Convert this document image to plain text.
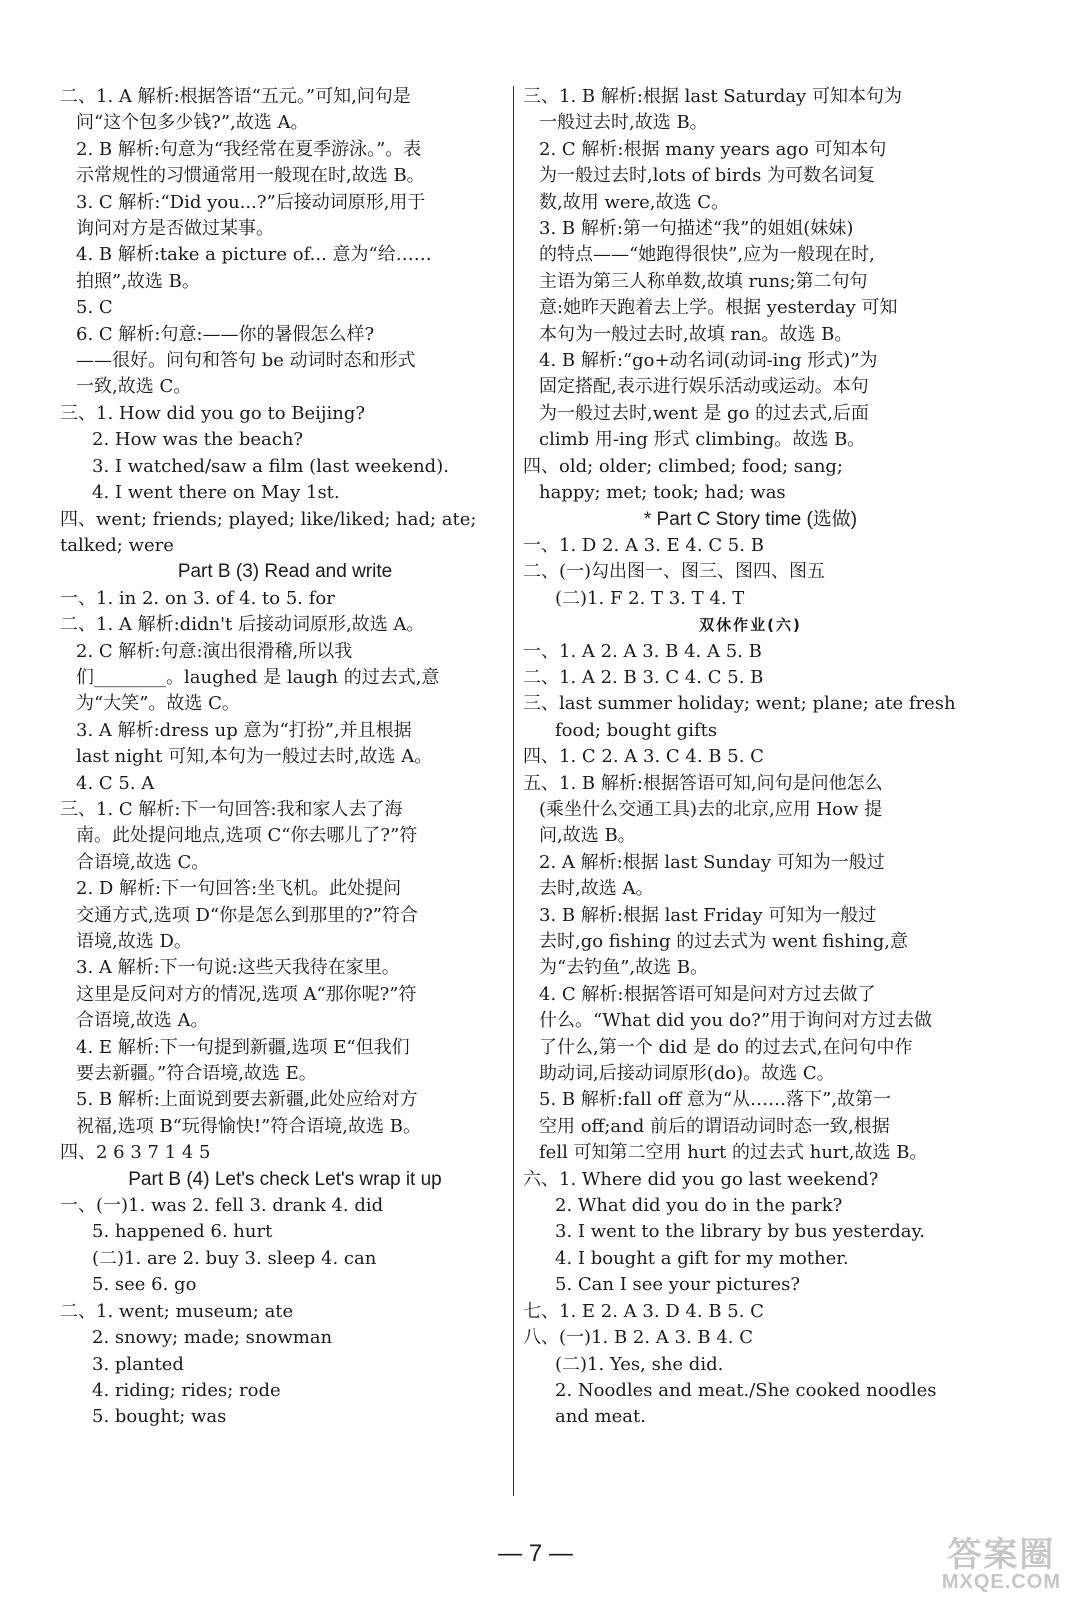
二、1. A 解析:根据答语“五元。”可知,问句是
问“这个包多少钱?”,故选 A。
2. B 解析:句意为“我经常在夏季游泳。”。表
示常规性的习惯通常用一般现在时,故选 B。
3. C 解析:“Did you...?”后接动词原形,用于
询问对方是否做过某事。
4. B 解析:take a picture of... 意为“给……
拍照”,故选 B。
5. C
6. C 解析:句意:——你的暑假怎么样?
——很好。问句和答句 be 动词时态和形式
一致,故选 C。
三、1. How did you go to Beijing?
2. How was the beach?
3. I watched/saw a film (last weekend).
4. I went there on May 1st.
四、went; friends; played; like/liked; had; ate;
talked; were
Part B (3) Read and write
一、1. in 2. on 3. of 4. to 5. for
二、1. A 解析:didn't 后接动词原形,故选 A。
2. C 解析:句意:演出很滑稽,所以我
们________。laughed 是 laugh 的过去式,意
为“大笑”。故选 C。
3. A 解析:dress up 意为“打扮”,并且根据
last night 可知,本句为一般过去时,故选 A。
4. C 5. A
三、1. C 解析:下一句回答:我和家人去了海
南。此处提问地点,选项 C“你去哪儿了?”符
合语境,故选 C。
2. D 解析:下一句回答:坐飞机。此处提问
交通方式,选项 D“你是怎么到那里的?”符合
语境,故选 D。
3. A 解析:下一句说:这些天我待在家里。
这里是反问对方的情况,选项 A“那你呢?”符
合语境,故选 A。
4. E 解析:下一句提到新疆,选项 E“但我们
要去新疆。”符合语境,故选 E。
5. B 解析:上面说到要去新疆,此处应给对方
祝福,选项 B“玩得愉快!”符合语境,故选 B。
四、2 6 3 7 1 4 5
Part B (4) Let's check Let's wrap it up
一、(一)1. was 2. fell 3. drank 4. did
5. happened 6. hurt
(二)1. are 2. buy 3. sleep 4. can
5. see 6. go
二、1. went; museum; ate
2. snowy; made; snowman
3. planted
4. riding; rides; rode
5. bought; was
三、1. B 解析:根据 last Saturday 可知本句为
一般过去时,故选 B。
2. C 解析:根据 many years ago 可知本句
为一般过去时,lots of birds 为可数名词复
数,故用 were,故选 C。
3. B 解析:第一句描述“我”的姐姐(妹妹)
的特点——“她跑得很快”,应为一般现在时,
主语为第三人称单数,故填 runs;第二句句
意:她昨天跑着去上学。根据 yesterday 可知
本句为一般过去时,故填 ran。故选 B。
4. B 解析:“go+动名词(动词-ing 形式)”为
固定搭配,表示进行娱乐活动或运动。本句
为一般过去时,went 是 go 的过去式,后面
climb 用-ing 形式 climbing。故选 B。
四、old; older; climbed; food; sang;
happy; met; took; had; was
* Part C Story time (选做)
一、1. D 2. A 3. E 4. C 5. B
二、(一)勾出图一、图三、图四、图五
(二)1. F 2. T 3. T 4. T
双休作业(六)
一、1. A 2. A 3. B 4. A 5. B
二、1. A 2. B 3. C 4. C 5. B
三、last summer holiday; went; plane; ate fresh
food; bought gifts
四、1. C 2. A 3. C 4. B 5. C
五、1. B 解析:根据答语可知,问句是问他怎么
(乘坐什么交通工具)去的北京,应用 How 提
问,故选 B。
2. A 解析:根据 last Sunday 可知为一般过
去时,故选 A。
3. B 解析:根据 last Friday 可知为一般过
去时,go fishing 的过去式为 went fishing,意
为“去钓鱼”,故选 B。
4. C 解析:根据答语可知是问对方过去做了
什么。“What did you do?”用于询问对方过去做
了什么,第一个 did 是 do 的过去式,在问句中作
助动词,后接动词原形(do)。故选 C。
5. B 解析:fall off 意为“从……落下”,故第一
空用 off;and 前后的谓语动词时态一致,根据
fell 可知第二空用 hurt 的过去式 hurt,故选 B。
六、1. Where did you go last weekend?
2. What did you do in the park?
3. I went to the library by bus yesterday.
4. I bought a gift for my mother.
5. Can I see your pictures?
七、1. E 2. A 3. D 4. B 5. C
八、(一)1. B 2. A 3. B 4. C
(二)1. Yes, she did.
2. Noodles and meat./She cooked noodles
and meat.
— 7 —	答案圈
MXQE.COM
